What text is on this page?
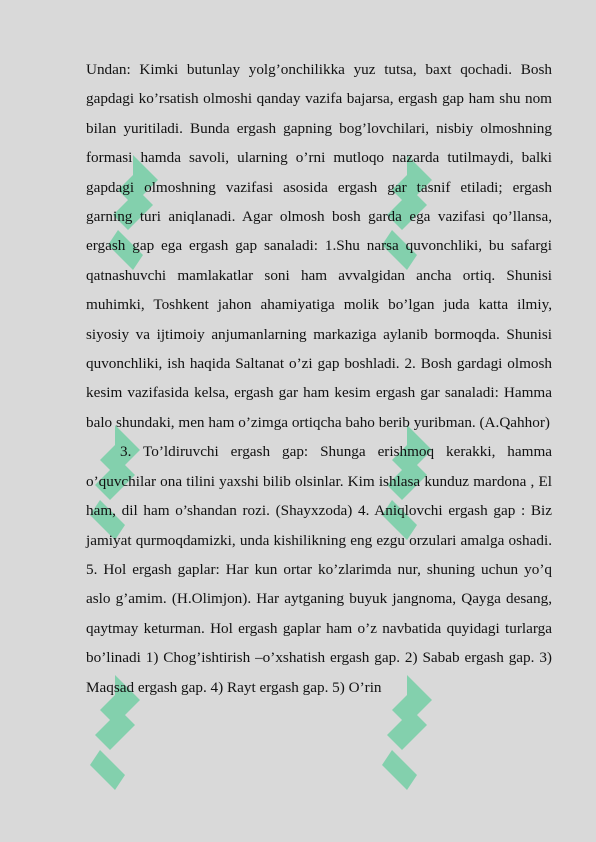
Undan: Kimki butunlay yolg’onchilikka yuz tutsa, baxt qochadi. Bosh gapdagi ko’rsatish olmoshi qanday vazifa bajarsa, ergash gap ham shu nom bilan yuritiladi. Bunda ergash gapning bog’lovchilari, nisbiy olmoshning formasi hamda savoli, ularning o’rni mutloqo nazarda tutilmaydi, balki gapdagi olmoshning vazifasi asosida ergash gar tasnif etiladi; ergash garning turi aniqlanadi. Agar olmosh bosh garda ega vazifasi qo’llansa, ergash gap ega ergash gap sanaladi: 1.Shu narsa quvonchliki, bu safargi qatnashuvchi mamlakatlar soni ham avvalgidan ancha ortiq. Shunisi muhimki, Toshkent jahon ahamiyatiga molik bo’lgan juda katta ilmiy, siyosiy va ijtimoiy anjumanlarning markaziga aylanib bormoqda. Shunisi quvonchliki, ish haqida Saltanat o’zi gap boshladi. 2. Bosh gardagi olmosh kesim vazifasida kelsa, ergash gar ham kesim ergash gar sanaladi: Hamma balo shundaki, men ham o’zimga ortiqcha baho berib yuribman. (A.Qahhor)

3. To’ldiruvchi ergash gap: Shunga erishmoq kerakki, hamma o’quvchilar ona tilini yaxshi bilib olsinlar. Kim ishlasa kunduz mardona , El ham, dil ham o’shandan rozi. (Shayxzoda) 4. Aniqlovchi ergash gap : Biz jamiyat qurmoqdamizki, unda kishilikning eng ezgu orzulari amalga oshadi. 5. Hol ergash gaplar: Har kun ortar ko’zlarimda nur, shuning uchun yo’q aslo g’amim. (H.Olimjon). Har aytganing buyuk jangnoma, Qayga desang, qaytmay keturman. Hol ergash gaplar ham o’z navbatida quyidagi turlarga bo’linadi 1) Chog’ishtirish –o’xshatish ergash gap. 2) Sabab ergash gap. 3) Maqsad ergash gap. 4) Rayt ergash gap. 5) O’rin
